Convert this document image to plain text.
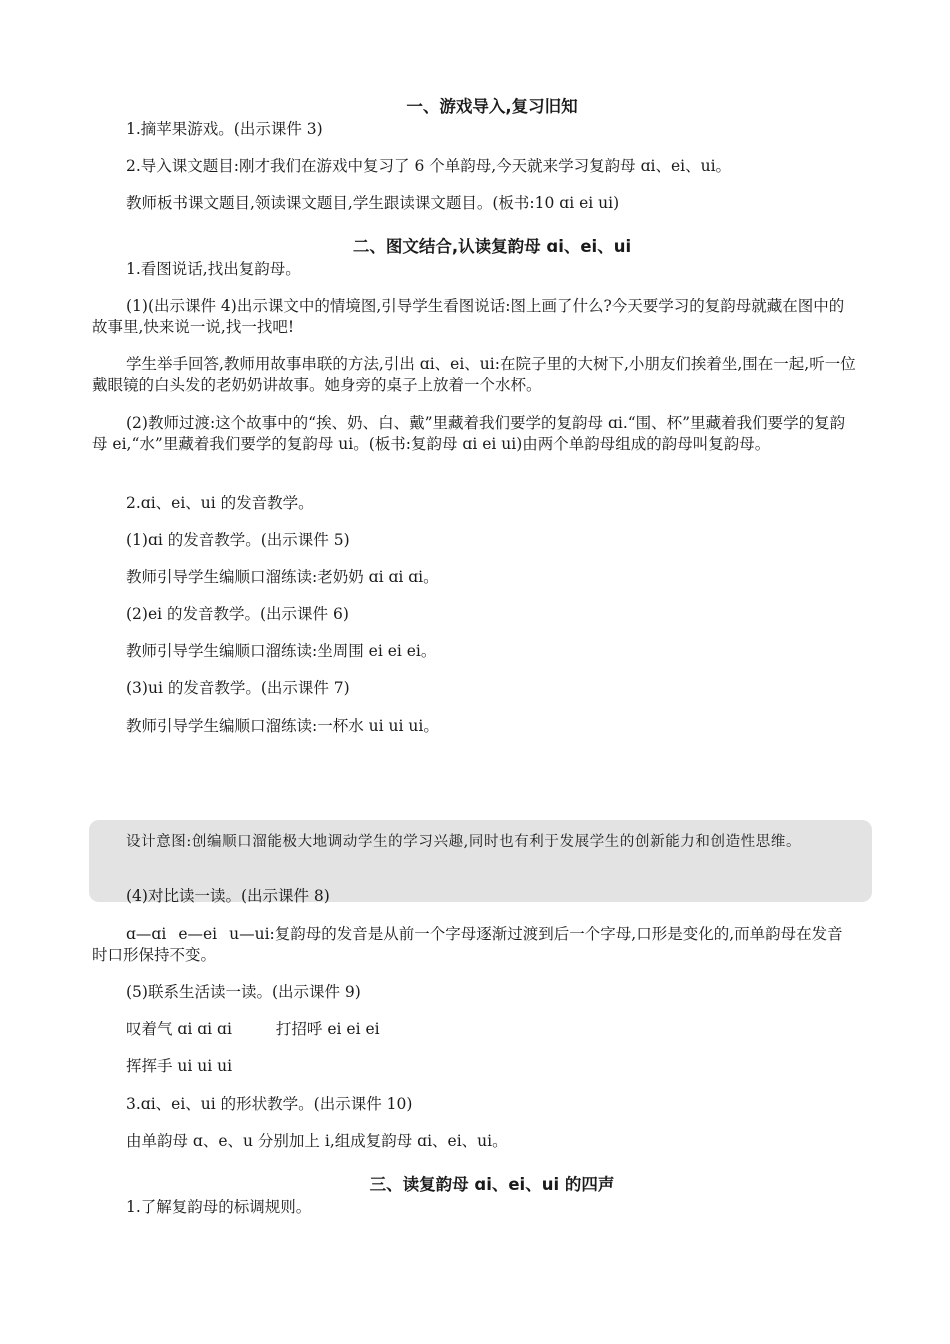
一、游戏导入,复习旧知

1.摘苹果游戏。(出示课件 3)

2.导入课文题目:刚才我们在游戏中复习了 6 个单韵母,今天就来学习复韵母 ɑi、ei、ui。

教师板书课文题目,领读课文题目,学生跟读课文题目。(板书:10 ɑi ei ui)

二、图文结合,认读复韵母 ɑi、ei、ui

1.看图说话,找出复韵母。

(1)(出示课件 4)出示课文中的情境图,引导学生看图说话:图上画了什么?今天要学习的复韵母就藏在图中的故事里,快来说一说,找一找吧!

学生举手回答,教师用故事串联的方法,引出 ɑi、ei、ui:在院子里的大树下,小朋友们挨着坐,围在一起,听一位戴眼镜的白头发的老奶奶讲故事。她身旁的桌子上放着一个水杯。

(2)教师过渡:这个故事中的“挨、奶、白、戴”里藏着我们要学的复韵母 ɑi.“围、杯”里藏着我们要学的复韵母 ei,“水”里藏着我们要学的复韵母 ui。(板书:复韵母 ɑi ei ui)由两个单韵母组成的韵母叫复韵母。

2.ɑi、ei、ui 的发音教学。

(1)ɑi 的发音教学。(出示课件 5)

教师引导学生编顺口溜练读:老奶奶 ɑi ɑi ɑi。

(2)ei 的发音教学。(出示课件 6)

教师引导学生编顺口溜练读:坐周围 ei ei ei。

(3)ui 的发音教学。(出示课件 7)

教师引导学生编顺口溜练读:一杯水 ui ui ui。

设计意图:创编顺口溜能极大地调动学生的学习兴趣,同时也有利于发展学生的创新能力和创造性思维。

(4)对比读一读。(出示课件 8)

ɑ—ɑi e—ei u—ui:复韵母的发音是从前一个字母逐渐过渡到后一个字母,口形是变化的,而单韵母在发音时口形保持不变。

(5)联系生活读一读。(出示课件 9)

叹着气 ɑi ɑi ɑi	打招呼 ei ei ei

挥挥手 ui ui ui

3.ɑi、ei、ui 的形状教学。(出示课件 10)

由单韵母 ɑ、e、u 分别加上 i,组成复韵母 ɑi、ei、ui。

三、读复韵母 ɑi、ei、ui 的四声

1.了解复韵母的标调规则。
